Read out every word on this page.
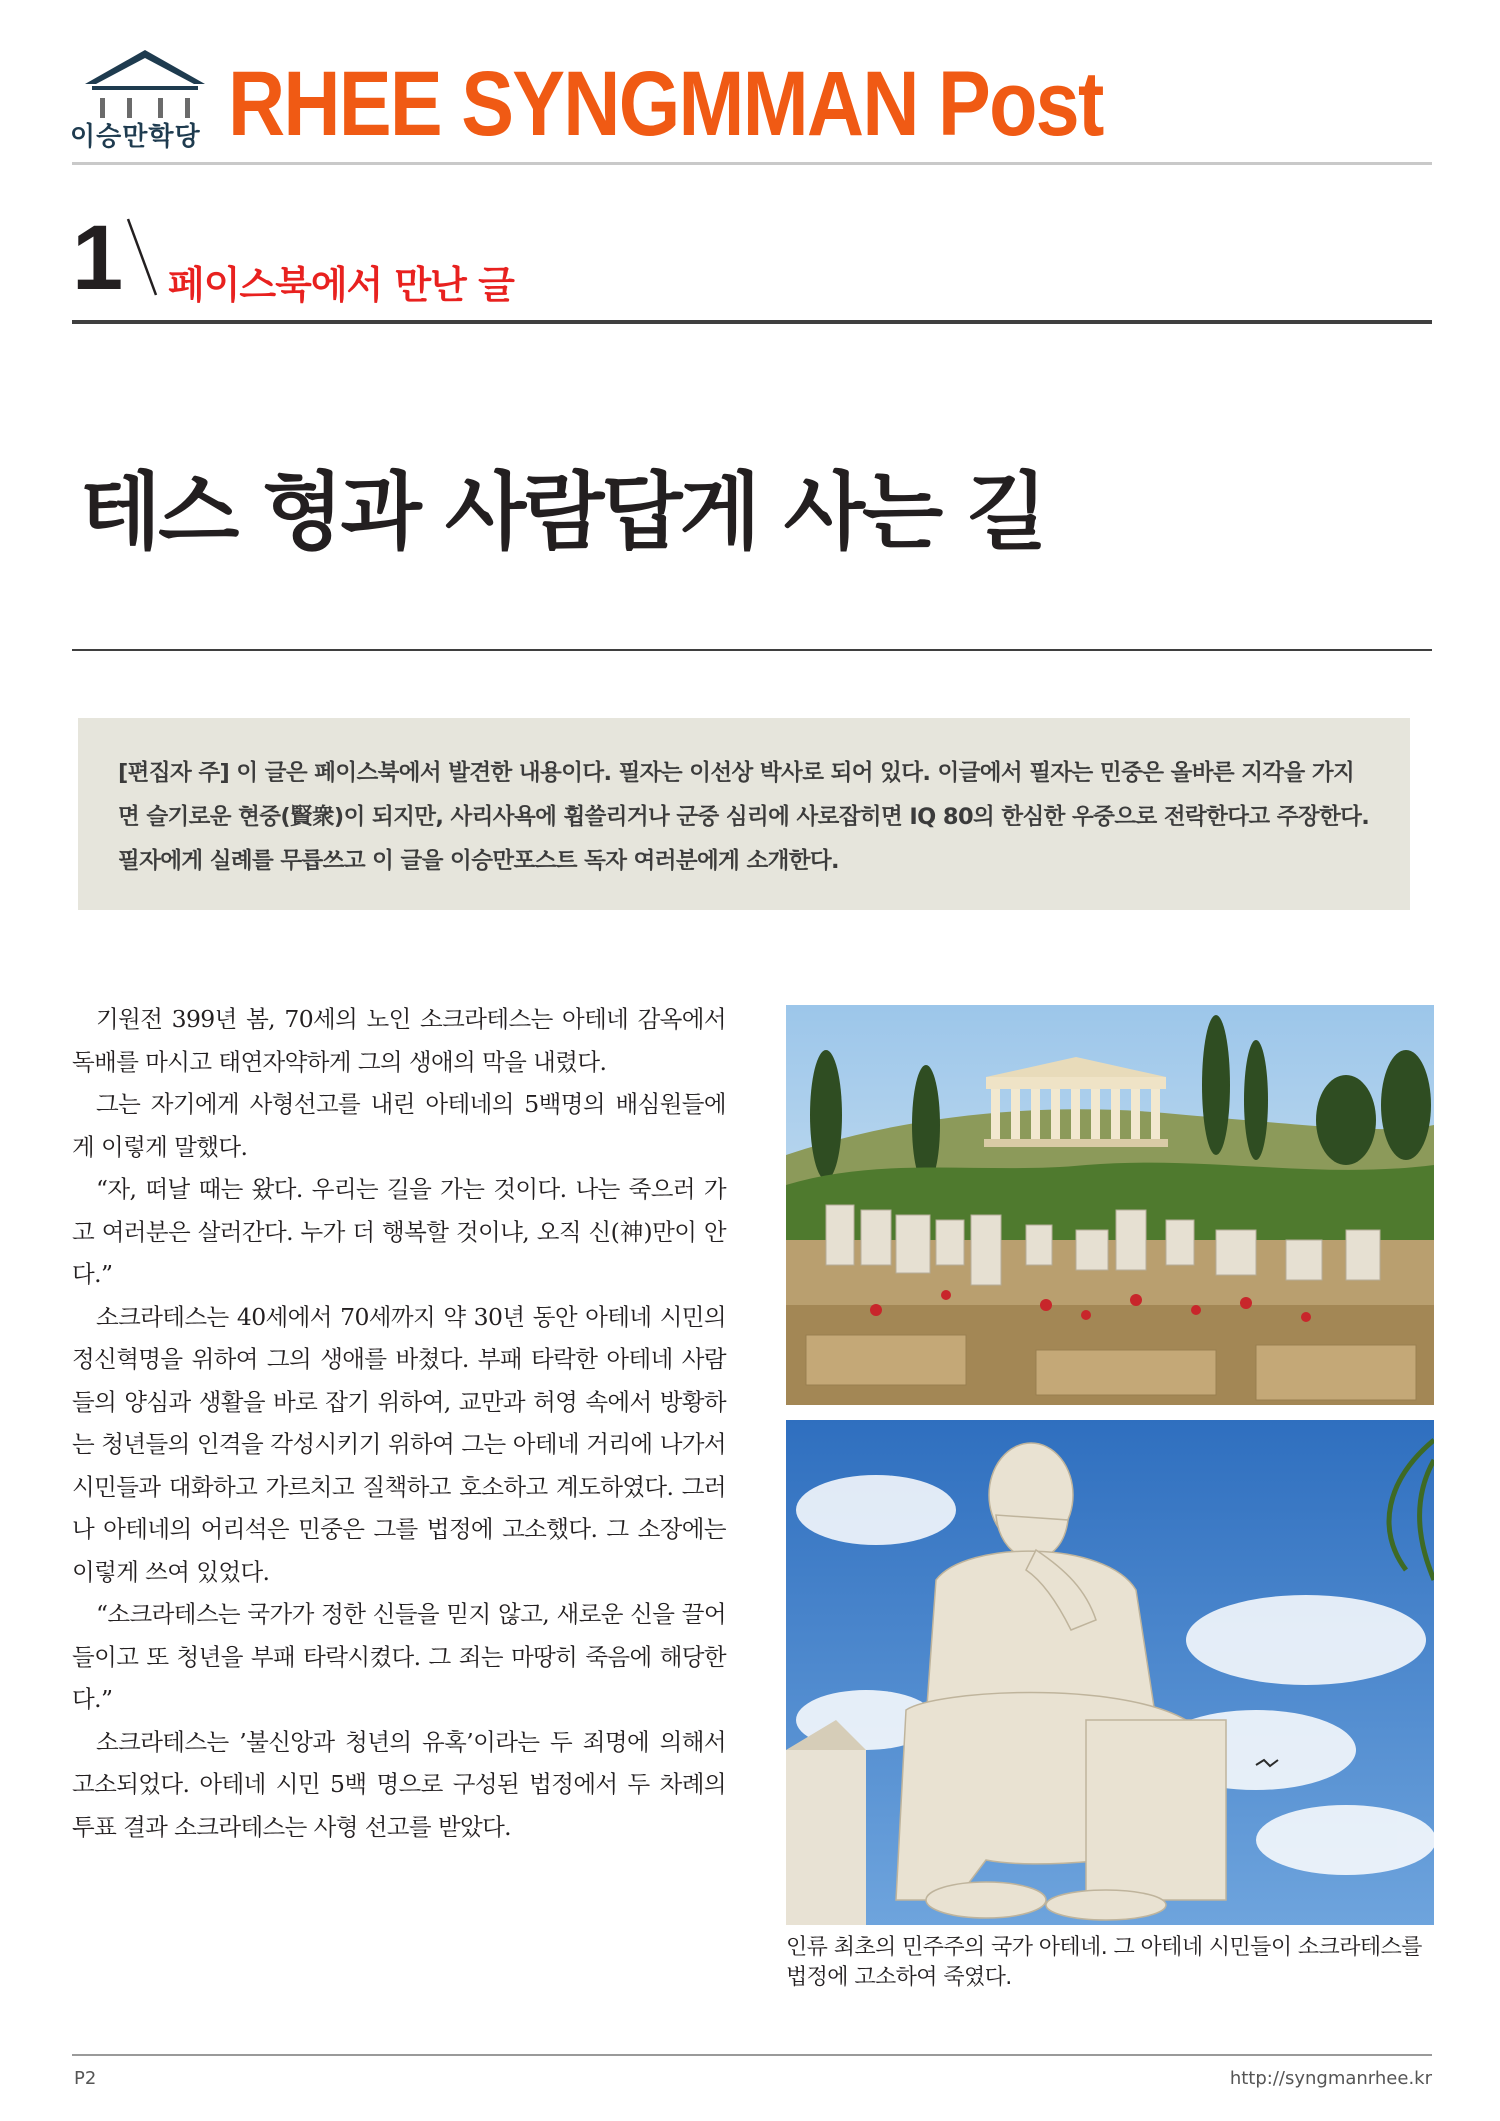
이승만학당 RHEE SYNGMMAN Post
1 페이스북에서 만난 글
테스 형과 사람답게 사는 길
[편집자 주] 이 글은 페이스북에서 발견한 내용이다. 필자는 이선상 박사로 되어 있다. 이글에서 필자는 민중은 올바른 지각을 가지면 슬기로운 현중(賢衆)이 되지만, 사리사욕에 휩쓸리거나 군중 심리에 사로잡히면 IQ 80의 한심한 우중으로 전락한다고 주장한다. 필자에게 실례를 무릅쓰고 이 글을 이승만포스트 독자 여러분에게 소개한다.

기원전 399년 봄, 70세의 노인 소크라테스는 아테네 감옥에서 독배를 마시고 태연자약하게 그의 생애의 막을 내렸다.

그는 자기에게 사형선고를 내린 아테네의 5백명의 배심원들에게 이렇게 말했다.

“자, 떠날 때는 왔다. 우리는 길을 가는 것이다. 나는 죽으러 가고 여러분은 살러간다. 누가 더 행복할 것이냐, 오직 신(神)만이 안다.”

소크라테스는 40세에서 70세까지 약 30년 동안 아테네 시민의 정신혁명을 위하여 그의 생애를 바쳤다. 부패 타락한 아테네 사람들의 양심과 생활을 바로 잡기 위하여, 교만과 허영 속에서 방황하는 청년들의 인격을 각성시키기 위하여 그는 아테네 거리에 나가서 시민들과 대화하고 가르치고 질책하고 호소하고 계도하였다. 그러나 아테네의 어리석은 민중은 그를 법정에 고소했다. 그 소장에는 이렇게 쓰여 있었다.

“소크라테스는 국가가 정한 신들을 믿지 않고, 새로운 신을 끌어들이고 또 청년을 부패 타락시켰다. 그 죄는 마땅히 죽음에 해당한다.”

소크라테스는 ’불신앙과 청년의 유혹’이라는 두 죄명에 의해서 고소되었다. 아테네 시민 5백 명으로 구성된 법정에서 두 차례의 투표 결과 소크라테스는 사형 선고를 받았다.

인류 최초의 민주주의 국가 아테네. 그 아테네 시민들이 소크라테스를 법정에 고소하여 죽였다.
P2	http://syngmanrhee.kr
